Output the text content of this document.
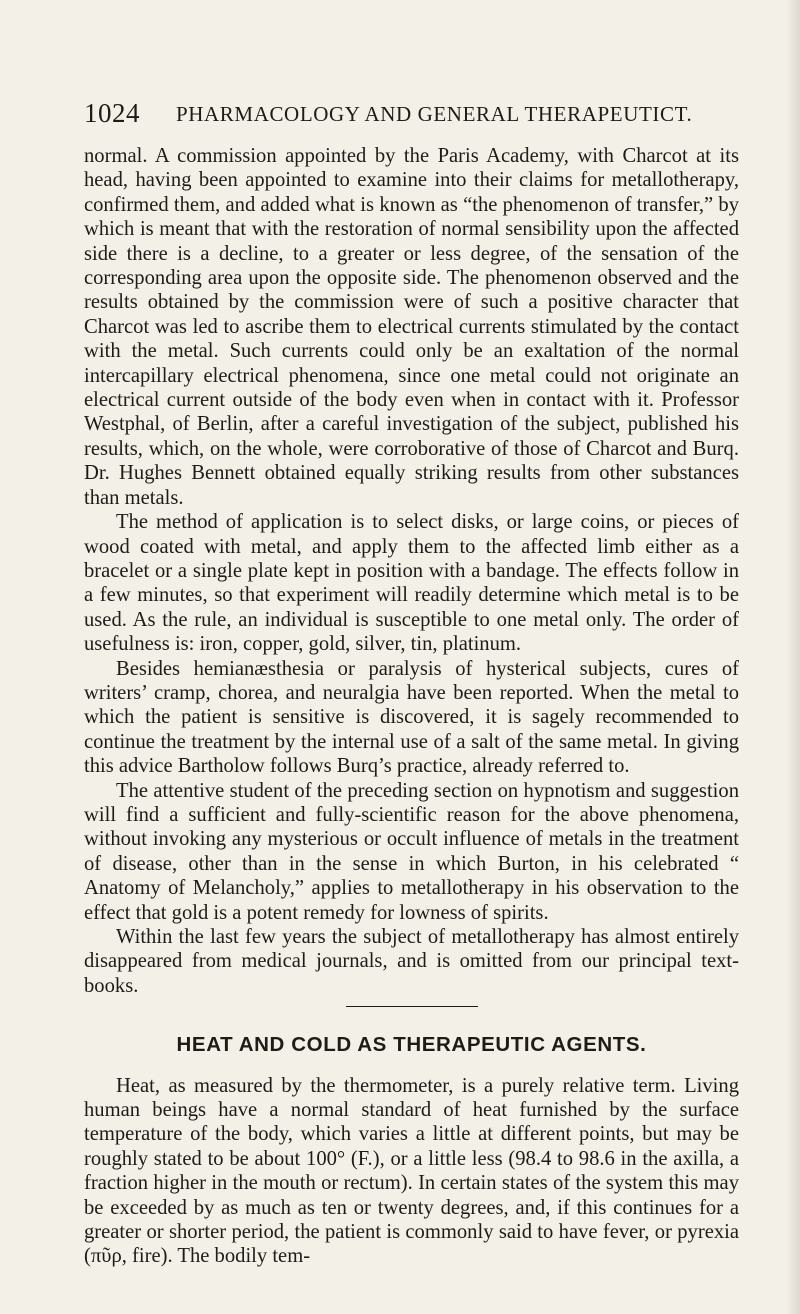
1024 PHARMACOLOGY AND GENERAL THERAPEUTICT.

normal. A commission appointed by the Paris Academy, with Charcot at its head, having been appointed to examine into their claims for metallotherapy, confirmed them, and added what is known as “the phenomenon of transfer,” by which is meant that with the restoration of normal sensibility upon the affected side there is a decline, to a greater or less degree, of the sensation of the corresponding area upon the opposite side. The phenomenon observed and the results obtained by the commission were of such a positive character that Charcot was led to ascribe them to electrical currents stimulated by the contact with the metal. Such currents could only be an exaltation of the normal intercapillary electrical phenomena, since one metal could not originate an electrical current outside of the body even when in contact with it. Professor Westphal, of Berlin, after a careful investigation of the subject, published his results, which, on the whole, were corroborative of those of Charcot and Burq. Dr. Hughes Bennett obtained equally striking results from other substances than metals.

The method of application is to select disks, or large coins, or pieces of wood coated with metal, and apply them to the affected limb either as a bracelet or a single plate kept in position with a bandage. The effects follow in a few minutes, so that experiment will readily determine which metal is to be used. As the rule, an individual is susceptible to one metal only. The order of usefulness is: iron, copper, gold, silver, tin, platinum.

Besides hemianæsthesia or paralysis of hysterical subjects, cures of writers’ cramp, chorea, and neuralgia have been reported. When the metal to which the patient is sensitive is discovered, it is sagely recommended to continue the treatment by the internal use of a salt of the same metal. In giving this advice Bartholow follows Burq’s practice, already referred to.

The attentive student of the preceding section on hypnotism and suggestion will find a sufficient and fully-scientific reason for the above phenomena, without invoking any mysterious or occult influence of metals in the treatment of disease, other than in the sense in which Burton, in his celebrated “ Anatomy of Melancholy,” applies to metallotherapy in his observation to the effect that gold is a potent remedy for lowness of spirits.

Within the last few years the subject of metallotherapy has almost entirely disappeared from medical journals, and is omitted from our principal text-books.

HEAT AND COLD AS THERAPEUTIC AGENTS.

Heat, as measured by the thermometer, is a purely relative term. Living human beings have a normal standard of heat furnished by the surface temperature of the body, which varies a little at different points, but may be roughly stated to be about 100° (F.), or a little less (98.4 to 98.6 in the axilla, a fraction higher in the mouth or rectum). In certain states of the system this may be exceeded by as much as ten or twenty degrees, and, if this continues for a greater or shorter period, the patient is commonly said to have fever, or pyrexia (πῦρ, fire). The bodily tem-
